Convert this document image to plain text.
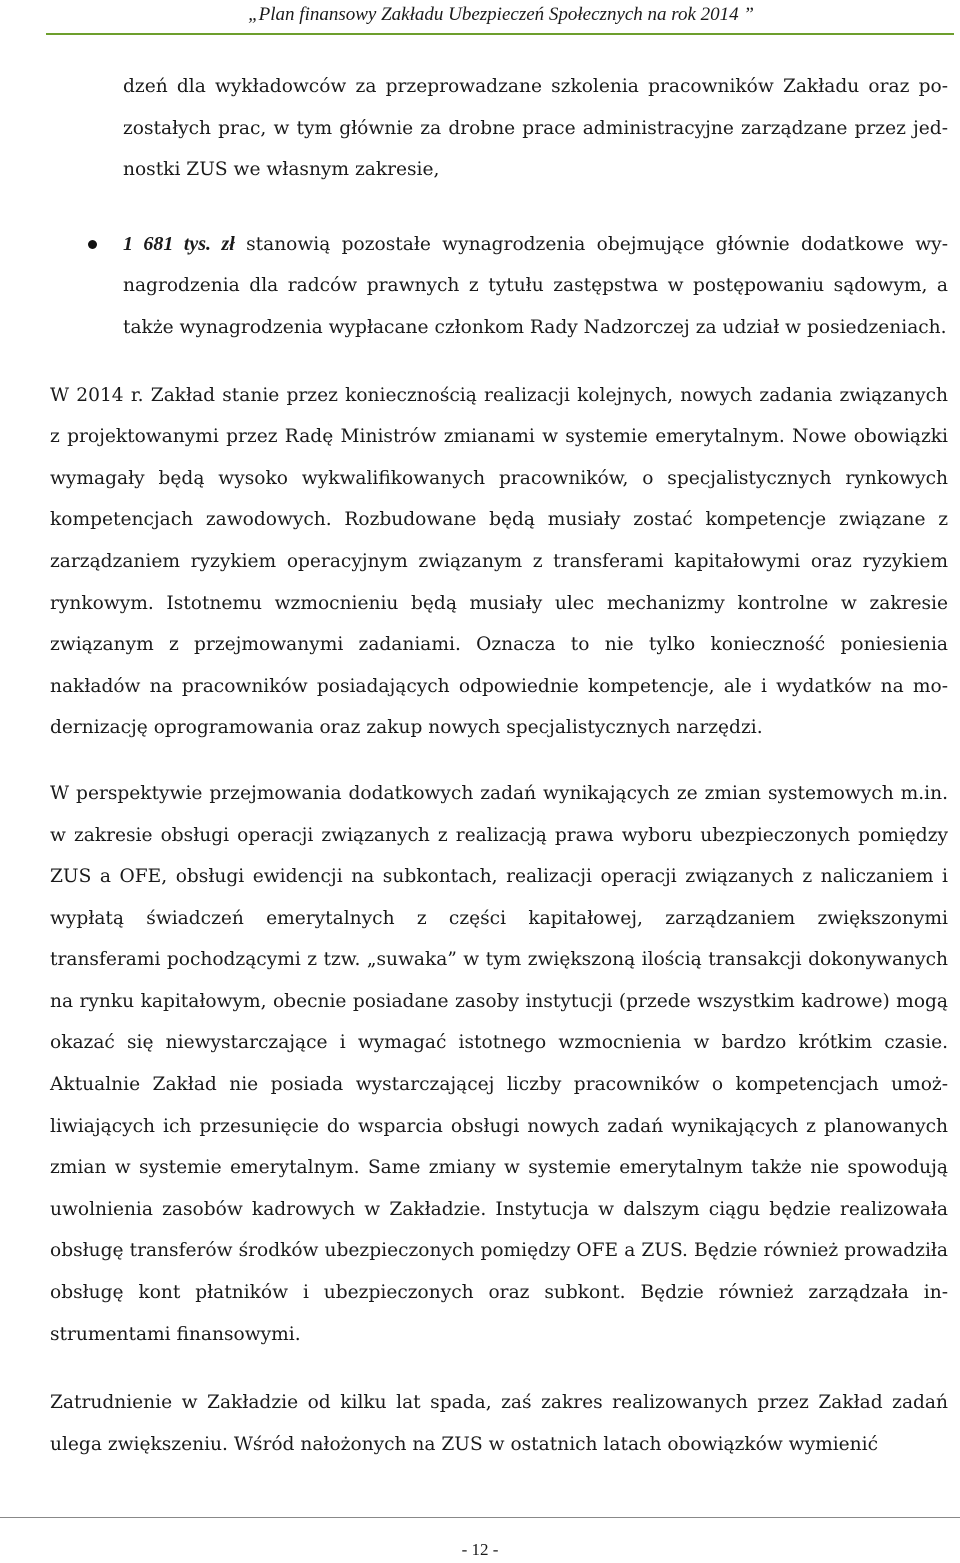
„Plan finansowy Zakładu Ubezpieczeń Społecznych na rok 2014 ”

dzeń dla wykładowców za przeprowadzane szkolenia pracowników Zakładu oraz pozostałych prac, w tym głównie za drobne prace administracyjne zarządzane przez jednostki ZUS we własnym zakresie,

1 681 tys. zł stanowią pozostałe wynagrodzenia obejmujące głównie dodatkowe wynagrodzenia dla radców prawnych z tytułu zastępstwa w postępowaniu sądowym, a także wynagrodzenia wypłacane członkom Rady Nadzorczej za udział w posiedzeniach.

W 2014 r. Zakład stanie przez koniecznością realizacji kolejnych, nowych zadania związanych z projektowanymi przez Radę Ministrów zmianami w systemie emerytalnym. Nowe obowiązki wymagały będą wysoko wykwalifikowanych pracowników, o specjalistycznych rynkowych kompetencjach zawodowych. Rozbudowane będą musiały zostać kompetencje związane z zarządzaniem ryzykiem operacyjnym związanym z transferami kapitałowymi oraz ryzykiem rynkowym. Istotnemu wzmocnieniu będą musiały ulec mechanizmy kontrolne w zakresie związanym z przejmowanymi zadaniami. Oznacza to nie tylko konieczność poniesienia nakładów na pracowników posiadających odpowiednie kompetencje, ale i wydatków na modernizację oprogramowania oraz zakup nowych specjalistycznych narzędzi.

W perspektywie przejmowania dodatkowych zadań wynikających ze zmian systemowych m.in. w zakresie obsługi operacji związanych z realizacją prawa wyboru ubezpieczonych pomiędzy ZUS a OFE, obsługi ewidencji na subkontach, realizacji operacji związanych z naliczaniem i wypłatą świadczeń emerytalnych z części kapitałowej, zarządzaniem zwiększonymi transferami pochodzącymi z tzw. „suwaka” w tym zwiększoną ilością transakcji dokonywanych na rynku kapitałowym, obecnie posiadane zasoby instytucji (przede wszystkim kadrowe) mogą okazać się niewystarczające i wymagać istotnego wzmocnienia w bardzo krótkim czasie. Aktualnie Zakład nie posiada wystarczającej liczby pracowników o kompetencjach umożliwiających ich przesunięcie do wsparcia obsługi nowych zadań wynikających z planowanych zmian w systemie emerytalnym. Same zmiany w systemie emerytalnym także nie spowodują uwolnienia zasobów kadrowych w Zakładzie. Instytucja w dalszym ciągu będzie realizowała obsługę transferów środków ubezpieczonych pomiędzy OFE a ZUS. Będzie również prowadziła obsługę kont płatników i ubezpieczonych oraz subkont. Będzie również zarządzała instrumentami finansowymi.

Zatrudnienie w Zakładzie od kilku lat spada, zaś zakres realizowanych przez Zakład zadań ulega zwiększeniu. Wśród nałożonych na ZUS w ostatnich latach obowiązków wymienić

- 12 -
